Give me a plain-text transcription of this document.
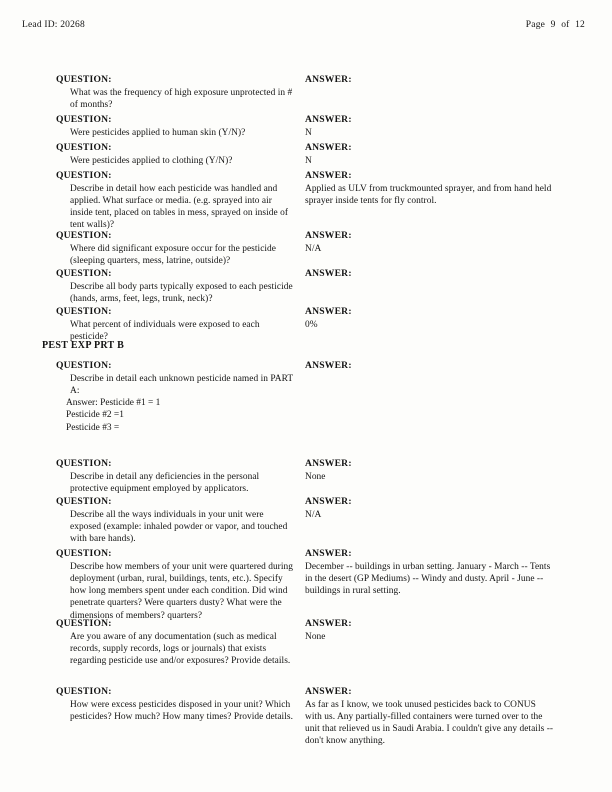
Lead ID: 20268	Page 9 of 12
QUESTION:
What was the frequency of high exposure unprotected in # of months?
ANSWER:
QUESTION:
Were pesticides applied to human skin (Y/N)?
ANSWER:
N
QUESTION:
Were pesticides applied to clothing (Y/N)?
ANSWER:
N
QUESTION:
Describe in detail how each pesticide was handled and applied. What surface or media. (e.g. sprayed into air inside tent, placed on tables in mess, sprayed on inside of tent walls)?
ANSWER:
Applied as ULV from truckmounted sprayer, and from hand held sprayer inside tents for fly control.
QUESTION:
Where did significant exposure occur for the pesticide (sleeping quarters, mess, latrine, outside)?
ANSWER:
N/A
QUESTION:
Describe all body parts typically exposed to each pesticide (hands, arms, feet, legs, trunk, neck)?
ANSWER:
QUESTION:
What percent of individuals were exposed to each pesticide?
ANSWER:
0%
QUESTION:
Describe in detail each unknown pesticide named in PART A:
Answer: Pesticide #1 = 1
Pesticide #2 =1
Pesticide #3 =
ANSWER:
QUESTION:
Describe in detail any deficiencies in the personal protective equipment employed by applicators.
ANSWER:
None
QUESTION:
Describe all the ways individuals in your unit were exposed (example: inhaled powder or vapor, and touched with bare hands).
ANSWER:
N/A
QUESTION:
Describe how members of your unit were quartered during deployment (urban, rural, buildings, tents, etc.). Specify how long members spent under each condition. Did wind penetrate quarters? Were quarters dusty? What were the dimensions of members? quarters?
ANSWER:
December -- buildings in urban setting. January - March -- Tents in the desert (GP Mediums) -- Windy and dusty. April - June -- buildings in rural setting.
QUESTION:
Are you aware of any documentation (such as medical records, supply records, logs or journals) that exists regarding pesticide use and/or exposures? Provide details.
ANSWER:
None
QUESTION:
How were excess pesticides disposed in your unit? Which pesticides? How much? How many times? Provide details.
ANSWER:
As far as I know, we took unused pesticides back to CONUS with us. Any partially-filled containers were turned over to the unit that relieved us in Saudi Arabia. I couldn't give any details -- don't know anything.
PEST EXP PRT B
